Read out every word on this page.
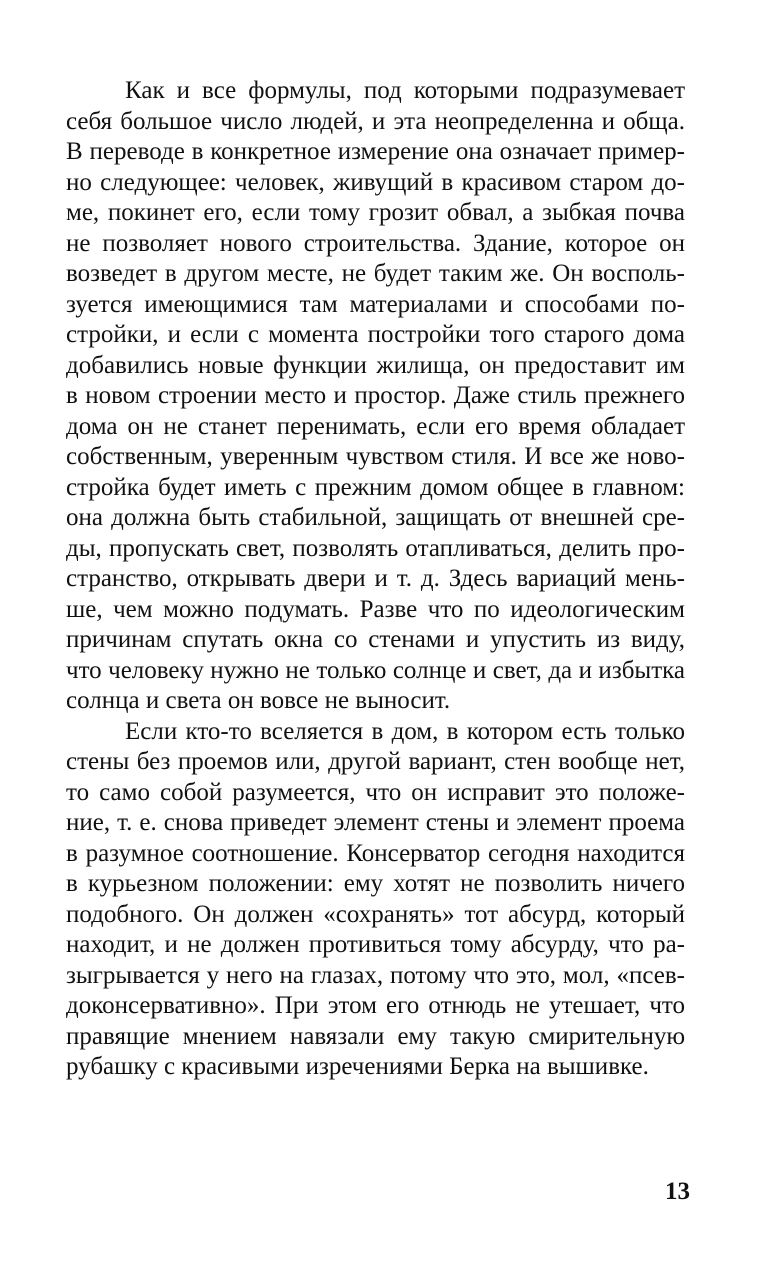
Как и все формулы, под которыми подразумевает
себя большое число людей, и эта неопределенна и обща.
В переводе в конкретное измерение она означает пример-
но следующее: человек, живущий в красивом старом до-
ме, покинет его, если тому грозит обвал, а зыбкая почва
не позволяет нового строительства. Здание, которое он
возведет в другом месте, не будет таким же. Он восполь-
зуется имеющимися там материалами и способами по-
стройки, и если с момента постройки того старого дома
добавились новые функции жилища, он предоставит им
в новом строении место и простор. Даже стиль прежнего
дома он не станет перенимать, если его время обладает
собственным, уверенным чувством стиля. И все же ново-
стройка будет иметь с прежним домом общее в главном:
она должна быть стабильной, защищать от внешней сре-
ды, пропускать свет, позволять отапливаться, делить про-
странство, открывать двери и т. д. Здесь вариаций мень-
ше, чем можно подумать. Разве что по идеологическим
причинам спутать окна со стенами и упустить из виду,
что человеку нужно не только солнце и свет, да и избытка
солнца и света он вовсе не выносит.
Если кто-то вселяется в дом, в котором есть только
стены без проемов или, другой вариант, стен вообще нет,
то само собой разумеется, что он исправит это положе-
ние, т. е. снова приведет элемент стены и элемент проема
в разумное соотношение. Консерватор сегодня находится
в курьезном положении: ему хотят не позволить ничего
подобного. Он должен «сохранять» тот абсурд, который
находит, и не должен противиться тому абсурду, что ра-
зыгрывается у него на глазах, потому что это, мол, «псев-
доконсервативно». При этом его отнюдь не утешает, что
правящие мнением навязали ему такую смирительную
рубашку с красивыми изречениями Берка на вышивке.
13
